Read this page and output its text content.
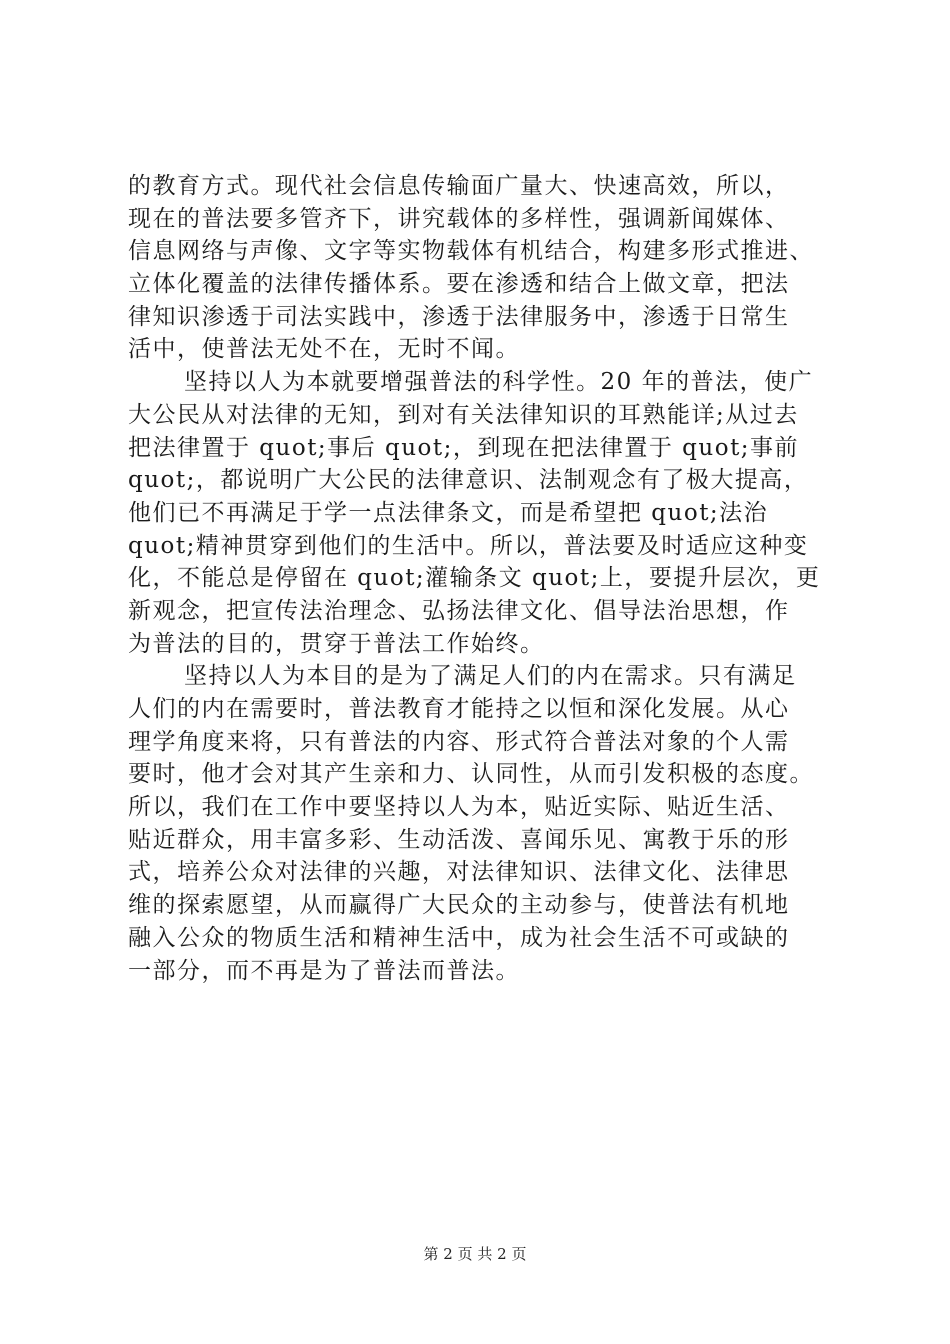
的教育方式。现代社会信息传输面广量大、快速高效，所以，
现在的普法要多管齐下，讲究载体的多样性，强调新闻媒体、
信息网络与声像、文字等实物载体有机结合，构建多形式推进、
立体化覆盖的法律传播体系。要在渗透和结合上做文章，把法
律知识渗透于司法实践中，渗透于法律服务中，渗透于日常生
活中，使普法无处不在，无时不闻。
坚持以人为本就要增强普法的科学性。20 年的普法，使广
大公民从对法律的无知，到对有关法律知识的耳熟能详;从过去
把法律置于 quot;事后 quot;，到现在把法律置于 quot;事前
quot;，都说明广大公民的法律意识、法制观念有了极大提高，
他们已不再满足于学一点法律条文，而是希望把 quot;法治
quot;精神贯穿到他们的生活中。所以，普法要及时适应这种变
化，不能总是停留在 quot;灌输条文 quot;上，要提升层次，更
新观念，把宣传法治理念、弘扬法律文化、倡导法治思想，作
为普法的目的，贯穿于普法工作始终。
坚持以人为本目的是为了满足人们的内在需求。只有满足
人们的内在需要时，普法教育才能持之以恒和深化发展。从心
理学角度来将，只有普法的内容、形式符合普法对象的个人需
要时，他才会对其产生亲和力、认同性，从而引发积极的态度。
所以，我们在工作中要坚持以人为本，贴近实际、贴近生活、
贴近群众，用丰富多彩、生动活泼、喜闻乐见、寓教于乐的形
式，培养公众对法律的兴趣，对法律知识、法律文化、法律思
维的探索愿望，从而赢得广大民众的主动参与，使普法有机地
融入公众的物质生活和精神生活中，成为社会生活不可或缺的
一部分，而不再是为了普法而普法。
第 2 页 共 2 页
